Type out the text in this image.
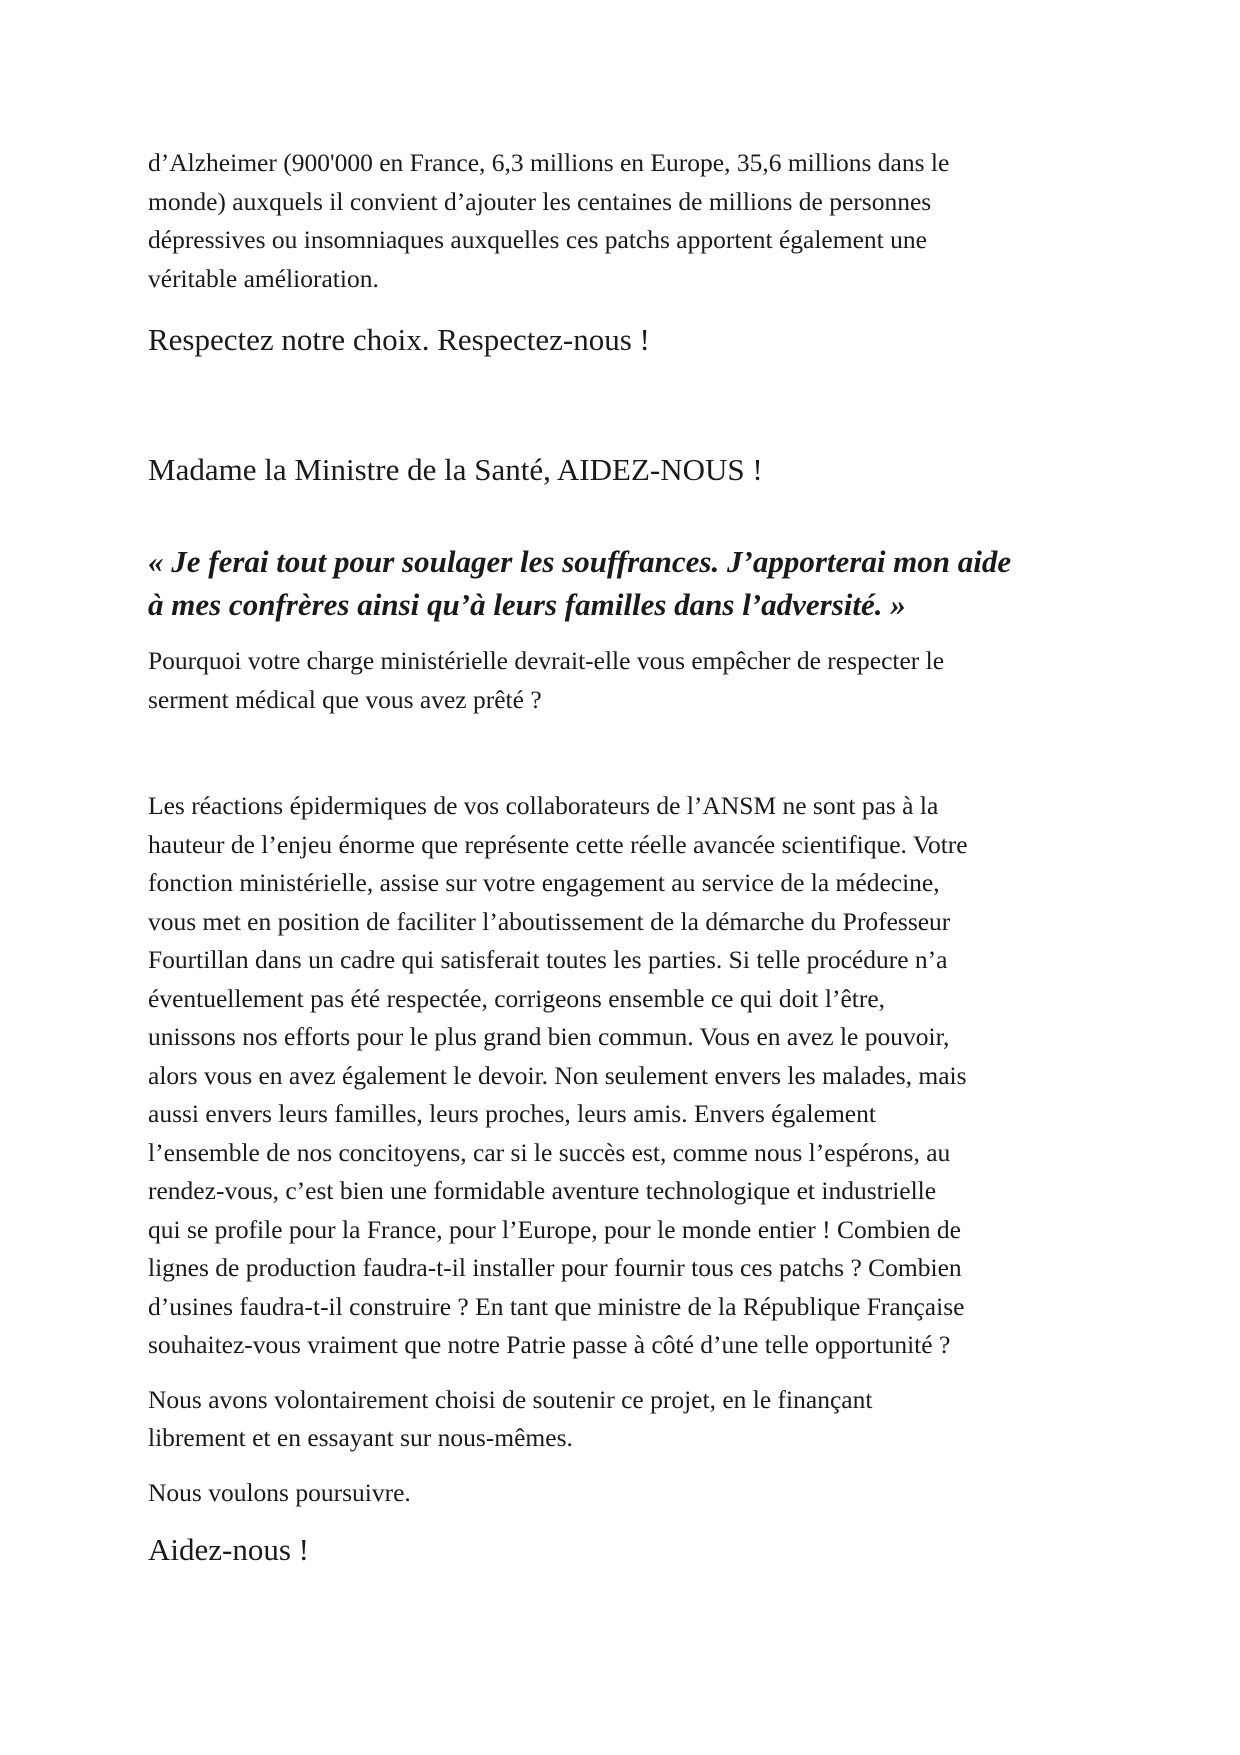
d’Alzheimer (900'000 en France, 6,3 millions en Europe, 35,6 millions dans le
monde) auxquels il convient d’ajouter les centaines de millions de personnes
dépressives ou insomniaques auxquelles ces patchs apportent également une
véritable amélioration.

Respectez notre choix. Respectez-nous !

Madame la Ministre de la Santé, AIDEZ-NOUS !

« Je ferai tout pour soulager les souffrances. J’apporterai mon aide
à mes confrères ainsi qu’à leurs familles dans l’adversité. »

Pourquoi votre charge ministérielle devrait-elle vous empêcher de respecter le
serment médical que vous avez prêté ?

Les réactions épidermiques de vos collaborateurs de l’ANSM ne sont pas à la
hauteur de l’enjeu énorme que représente cette réelle avancée scientifique. Votre
fonction ministérielle, assise sur votre engagement au service de la médecine,
vous met en position de faciliter l’aboutissement de la démarche du Professeur
Fourtillan dans un cadre qui satisferait toutes les parties. Si telle procédure n’a
éventuellement pas été respectée, corrigeons ensemble ce qui doit l’être,
unissons nos efforts pour le plus grand bien commun. Vous en avez le pouvoir,
alors vous en avez également le devoir. Non seulement envers les malades, mais
aussi envers leurs familles, leurs proches, leurs amis. Envers également
l’ensemble de nos concitoyens, car si le succès est, comme nous l’espérons, au
rendez-vous, c’est bien une formidable aventure technologique et industrielle
qui se profile pour la France, pour l’Europe, pour le monde entier ! Combien de
lignes de production faudra-t-il installer pour fournir tous ces patchs ? Combien
d’usines faudra-t-il construire ? En tant que ministre de la République Française
souhaitez-vous vraiment que notre Patrie passe à côté d’une telle opportunité ?

Nous avons volontairement choisi de soutenir ce projet, en le finançant
librement et en essayant sur nous-mêmes.

Nous voulons poursuivre.

Aidez-nous !
